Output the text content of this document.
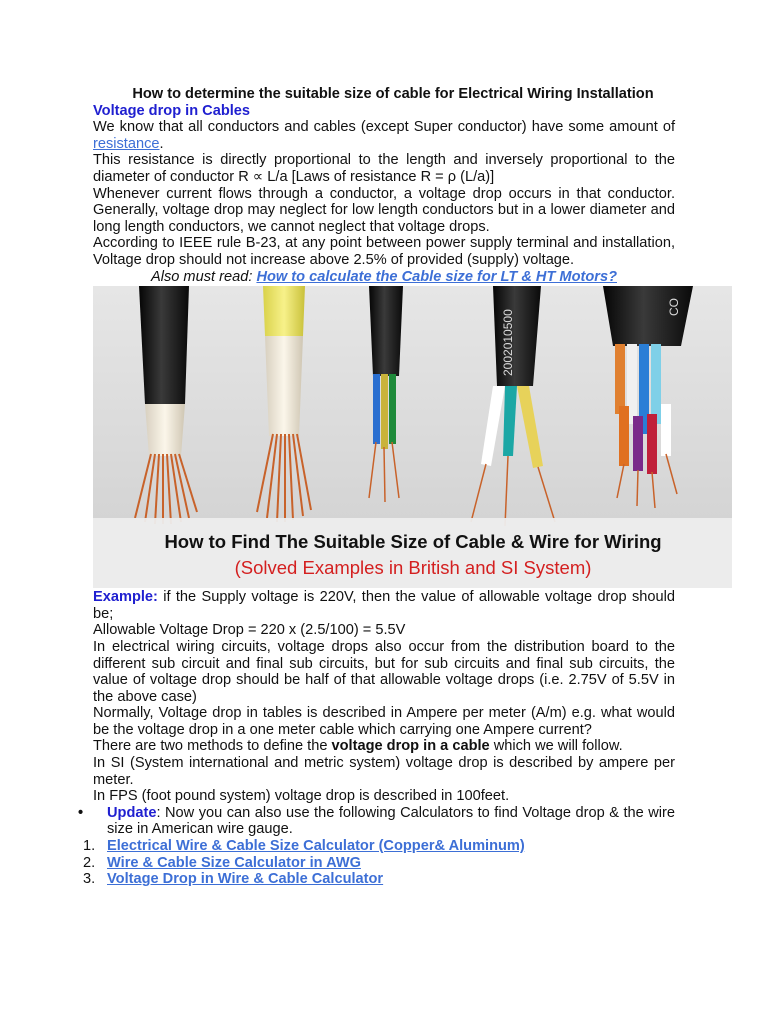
How to determine the suitable size of cable for Electrical Wiring Installation
Voltage drop in Cables

We know that all conductors and cables (except Super conductor) have some amount of resistance.

This resistance is directly proportional to the length and inversely proportional to the diameter of conductor R ∝ L/a [Laws of resistance R = ρ (L/a)]

Whenever current flows through a conductor, a voltage drop occurs in that conductor. Generally, voltage drop may neglect for low length conductors but in a lower diameter and long length conductors, we cannot neglect that voltage drops.

According to IEEE rule B-23, at any point between power supply terminal and installation, Voltage drop should not increase above 2.5% of provided (supply) voltage.

Also must read: How to calculate the Cable size for LT & HT Motors?
2002010500
CO
How to Find The Suitable Size of Cable & Wire for Wiring
(Solved Examples in British and SI System)

Example: if the Supply voltage is 220V, then the value of allowable voltage drop should be;

Allowable Voltage Drop = 220 x (2.5/100) = 5.5V

In electrical wiring circuits, voltage drops also occur from the distribution board to the different sub circuit and final sub circuits, but for sub circuits and final sub circuits, the value of voltage drop should be half of that allowable voltage drops (i.e. 2.75V of 5.5V in the above case)

Normally, Voltage drop in tables is described in Ampere per meter (A/m) e.g. what would be the voltage drop in a one meter cable which carrying one Ampere current?

There are two methods to define the voltage drop in a cable which we will follow.

In SI (System international and metric system) voltage drop is described by ampere per meter.

In FPS (foot pound system) voltage drop is described in 100feet.

• Update: Now you can also use the following Calculators to find Voltage drop & the wire size in American wire gauge.
1. Electrical Wire & Cable Size Calculator (Copper& Aluminum)
2. Wire & Cable Size Calculator in AWG
3. Voltage Drop in Wire & Cable Calculator
